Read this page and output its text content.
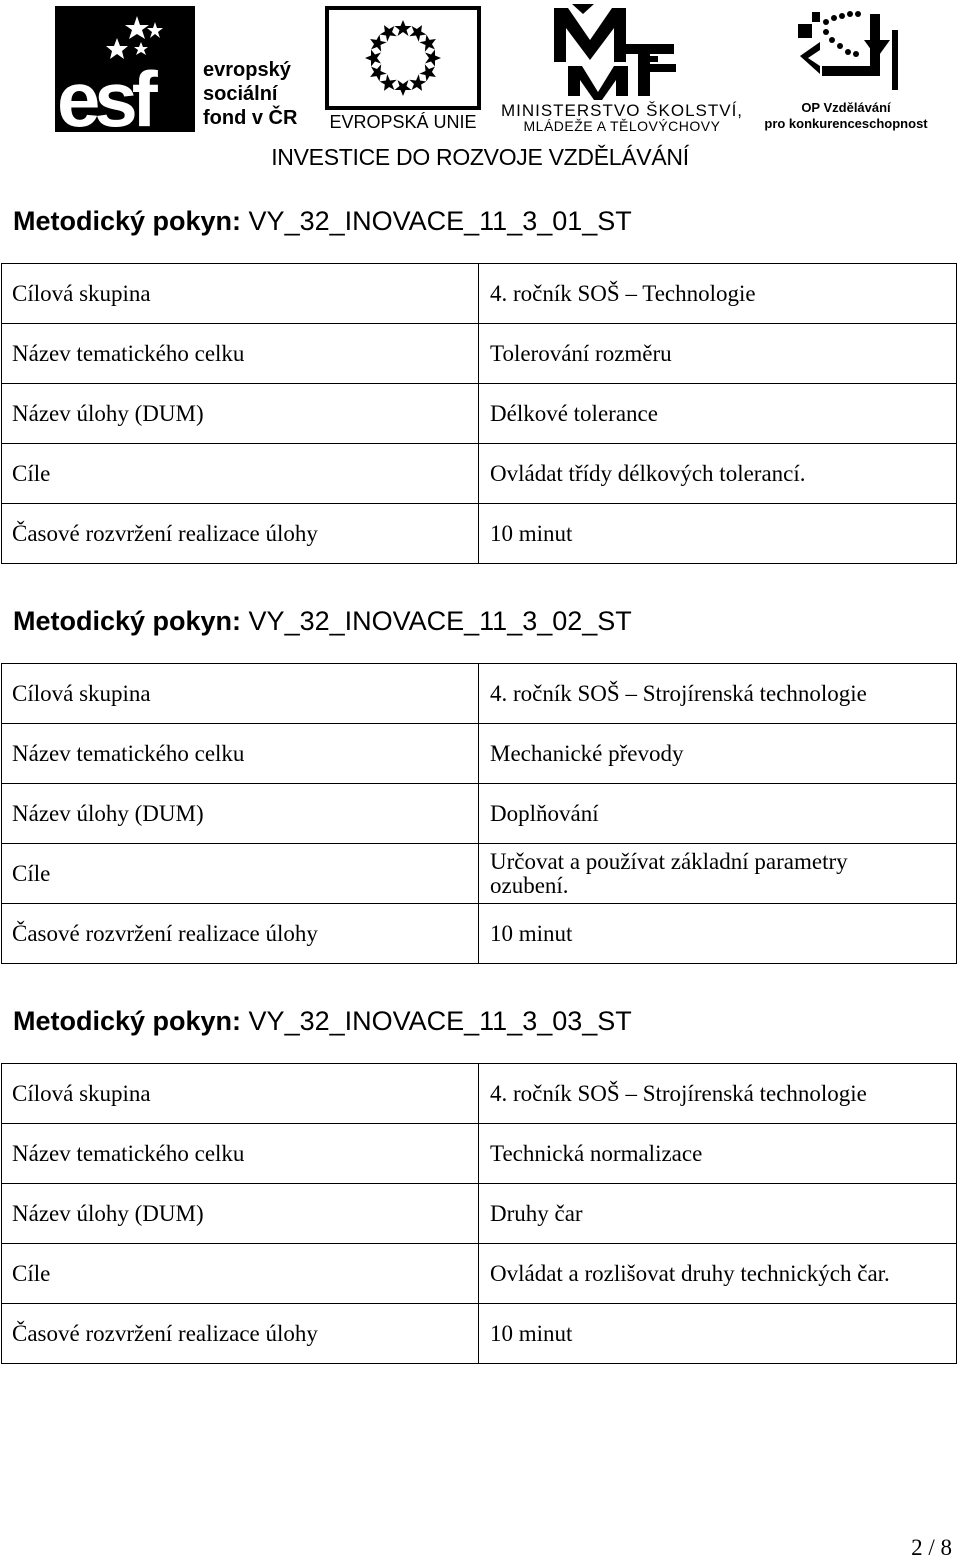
esf	evropský
sociální
fond v ČR EVROPSKÁ UNIE
MINISTERSTVO ŠKOLSTVÍ,
MLÁDEŽE A TĚLOVÝCHOVY
OP Vzdělávání
pro konkurenceschopnost
INVESTICE DO ROZVOJE VZDĚLÁVÁNÍ
Metodický pokyn: VY_32_INOVACE_11_3_01_ST
Cílová skupina	4. ročník SOŠ – Technologie
Název tematického celku	Tolerování rozměru
Název úlohy (DUM)	Délkové tolerance
Cíle	Ovládat třídy délkových tolerancí.
Časové rozvržení realizace úlohy	10 minut
Metodický pokyn: VY_32_INOVACE_11_3_02_ST
Cílová skupina	4. ročník SOŠ – Strojírenská technologie
Název tematického celku	Mechanické převody
Název úlohy (DUM)	Doplňování
Cíle	Určovat a používat základní parametry ozubení.
Časové rozvržení realizace úlohy	10 minut
Metodický pokyn: VY_32_INOVACE_11_3_03_ST
Cílová skupina	4. ročník SOŠ – Strojírenská technologie
Název tematického celku	Technická normalizace
Název úlohy (DUM)	Druhy čar
Cíle	Ovládat a rozlišovat druhy technických čar.
Časové rozvržení realizace úlohy	10 minut
2 / 8
